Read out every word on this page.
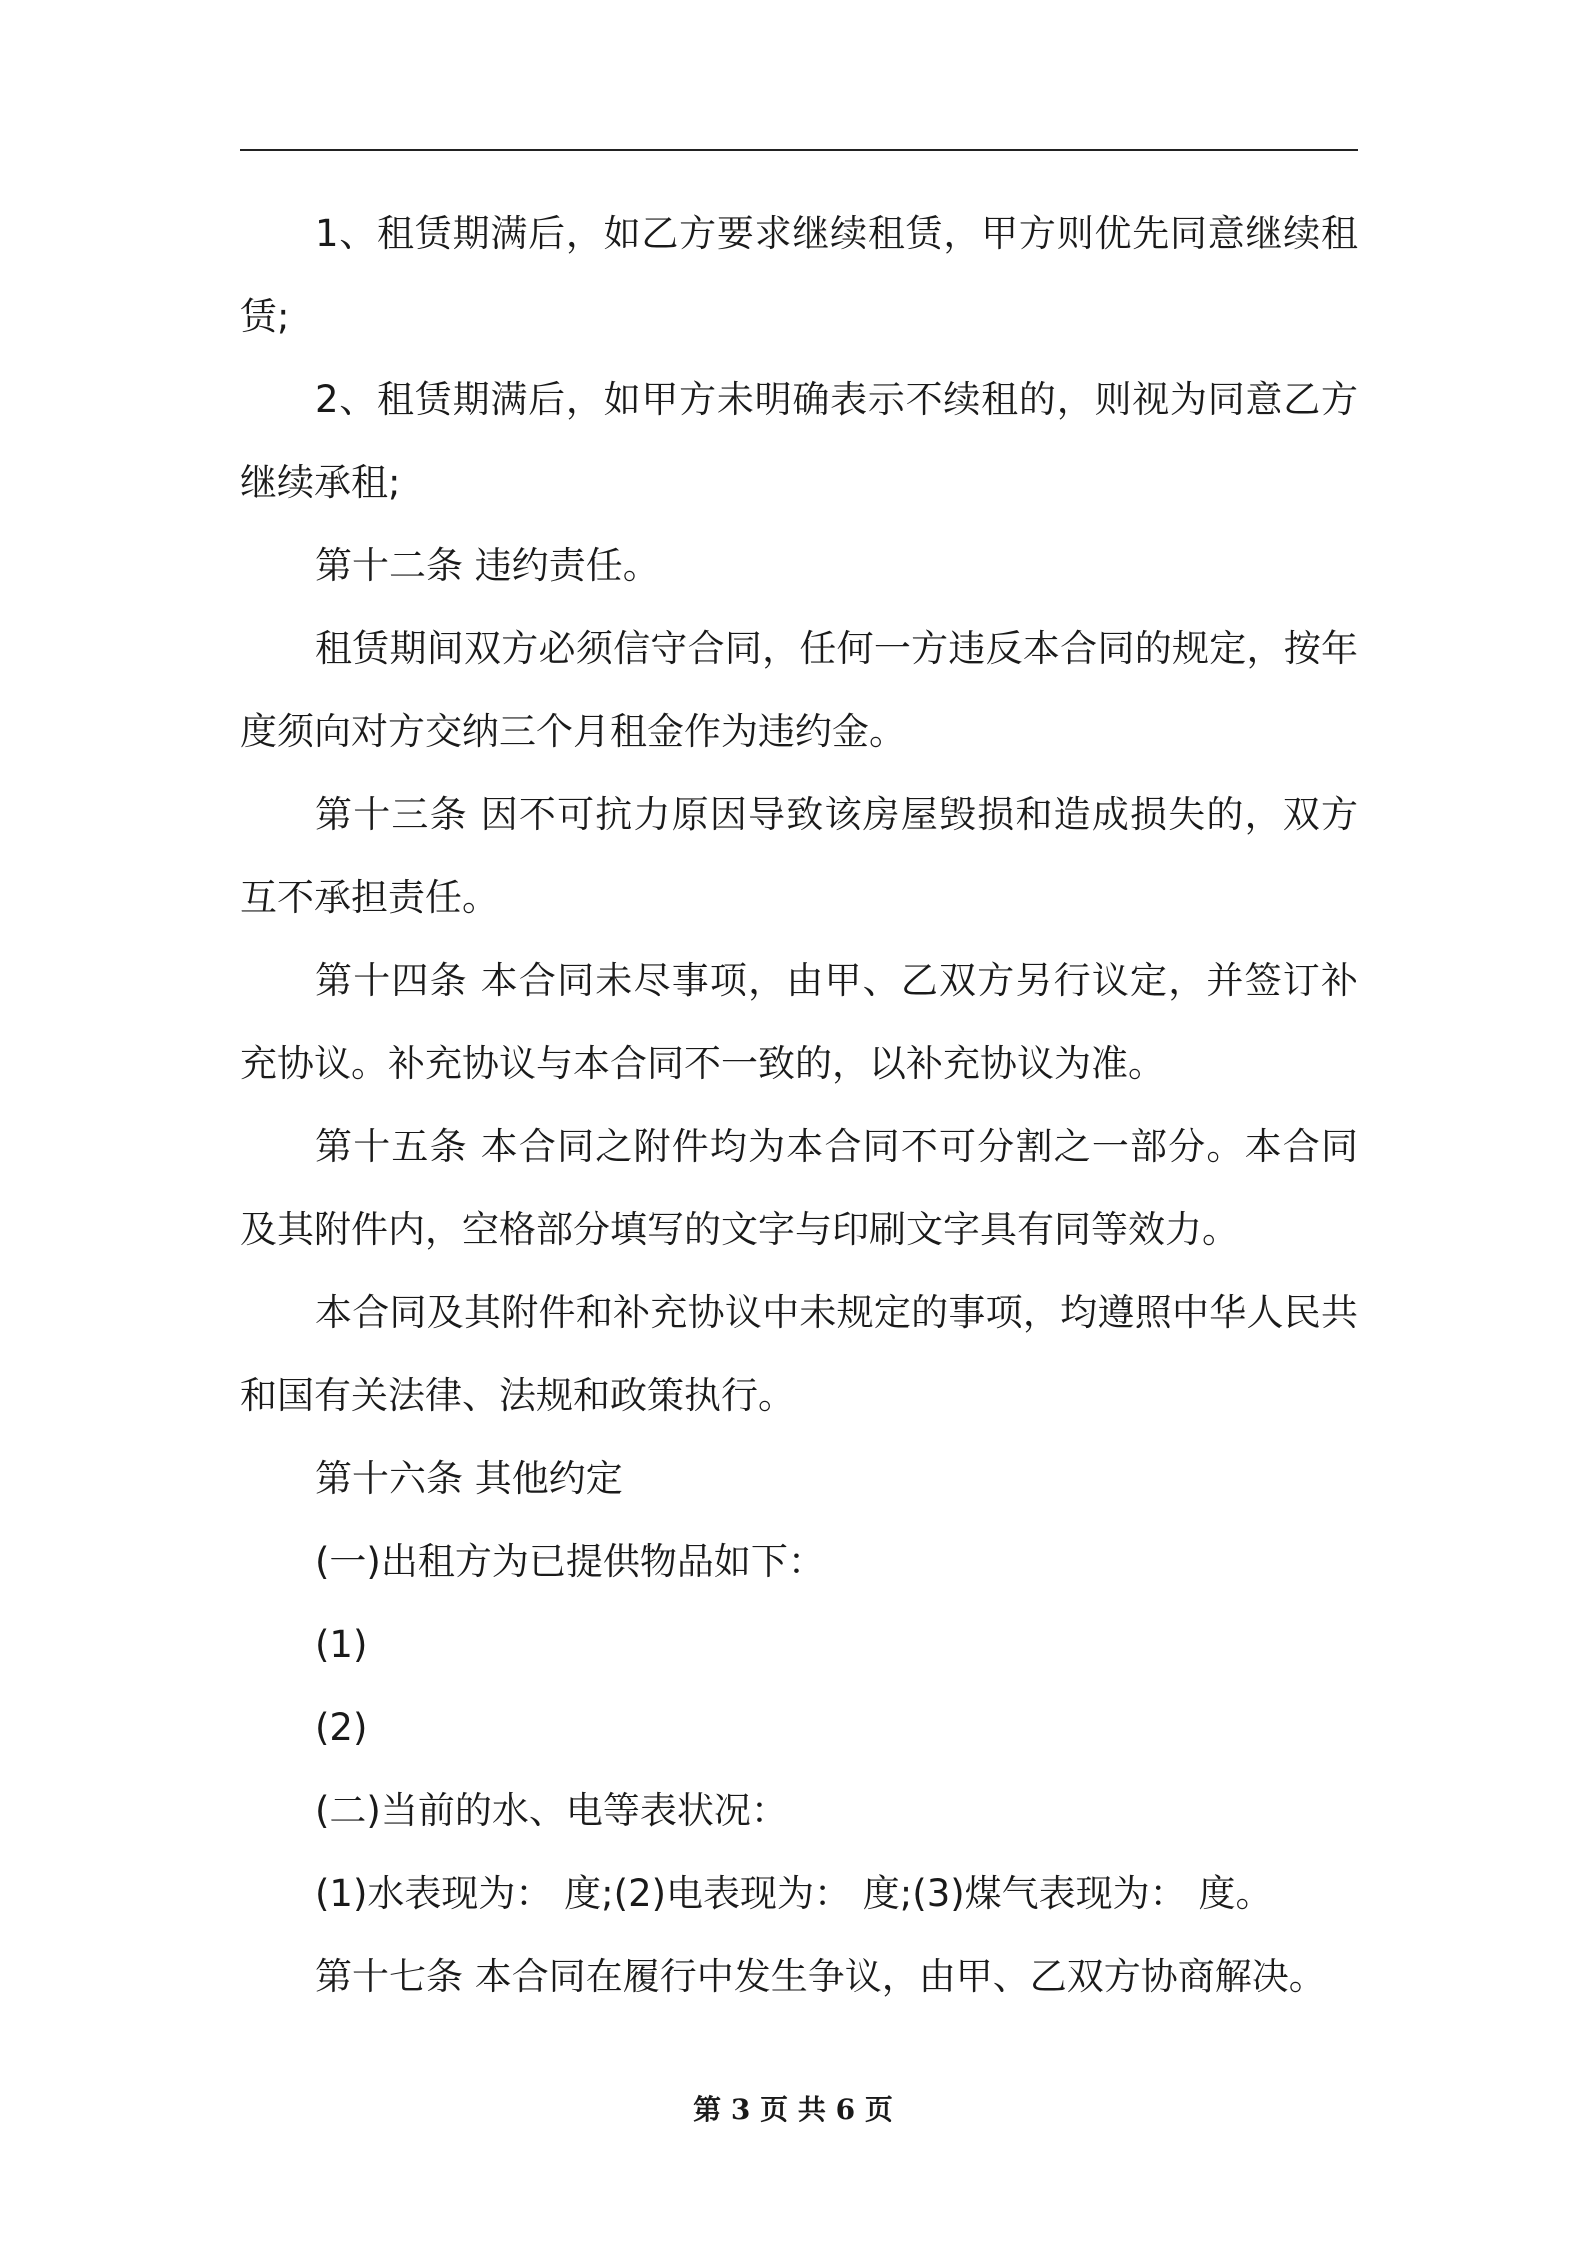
1、租赁期满后，如乙方要求继续租赁，甲方则优先同意继续租赁;

2、租赁期满后，如甲方未明确表示不续租的，则视为同意乙方继续承租;

第十二条 违约责任。

租赁期间双方必须信守合同，任何一方违反本合同的规定，按年度须向对方交纳三个月租金作为违约金。

第十三条 因不可抗力原因导致该房屋毁损和造成损失的，双方互不承担责任。

第十四条 本合同未尽事项，由甲、乙双方另行议定，并签订补充协议。补充协议与本合同不一致的，以补充协议为准。

第十五条 本合同之附件均为本合同不可分割之一部分。本合同及其附件内，空格部分填写的文字与印刷文字具有同等效力。

本合同及其附件和补充协议中未规定的事项，均遵照中华人民共和国有关法律、法规和政策执行。

第十六条 其他约定

(一)出租方为已提供物品如下：

(1)

(2)

(二)当前的水、电等表状况：

(1)水表现为： 度;(2)电表现为： 度;(3)煤气表现为： 度。

第十七条 本合同在履行中发生争议，由甲、乙双方协商解决。

第 3 页 共 6 页
